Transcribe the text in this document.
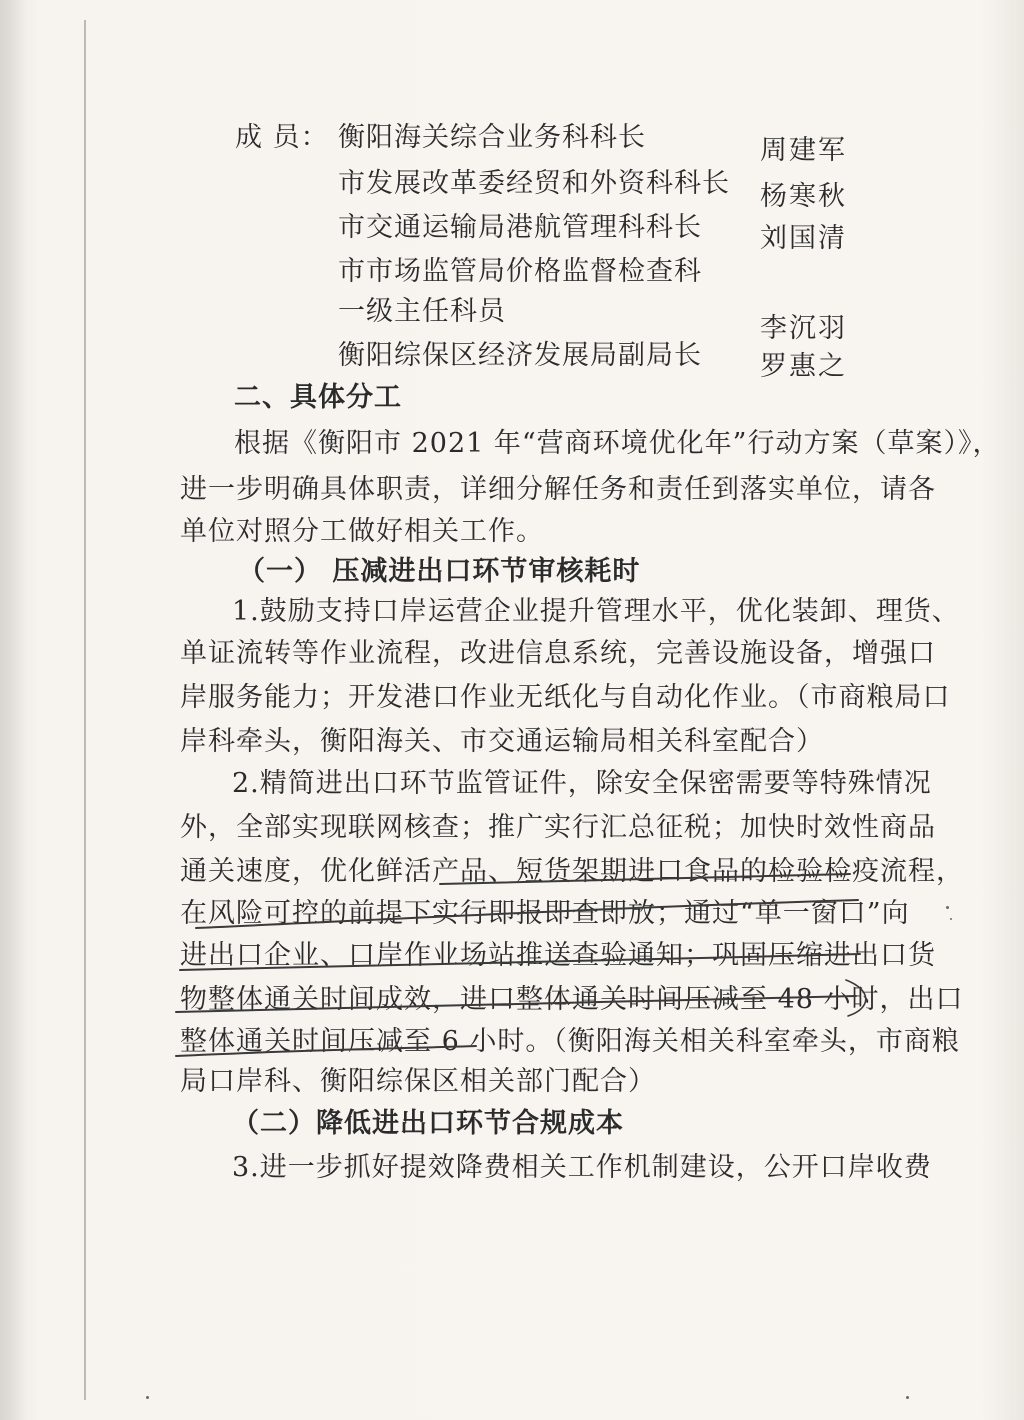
成 员： 衡阳海关综合业务科科长	周建军
市发展改革委经贸和外资科科长 杨寒秋
市交通运输局港航管理科科长 刘国清
市市场监管局价格监督检查科
一级主任科员
李沉羽
衡阳综保区经济发展局副局长 罗惠之
二、具体分工
根据《衡阳市 2021 年“营商环境优化年”行动方案（草案）》，
进一步明确具体职责，详细分解任务和责任到落实单位，请各
单位对照分工做好相关工作。
（一） 压减进出口环节审核耗时
1.鼓励支持口岸运营企业提升管理水平，优化装卸、理货、
单证流转等作业流程，改进信息系统，完善设施设备，增强口
岸服务能力；开发港口作业无纸化与自动化作业。（市商粮局口
岸科牵头，衡阳海关、市交通运输局相关科室配合）
2.精简进出口环节监管证件，除安全保密需要等特殊情况
外，全部实现联网核查；推广实行汇总征税；加快时效性商品
通关速度，优化鲜活产品、短货架期进口食品的检验检疫流程，
在风险可控的前提下实行即报即查即放；通过“单一窗口”向
进出口企业、口岸作业场站推送查验通知；巩固压缩进出口货
物整体通关时间成效，进口整体通关时间压减至 48 小时，出口
整体通关时间压减至 6 小时。（衡阳海关相关科室牵头，市商粮
局口岸科、衡阳综保区相关部门配合）
（二）降低进出口环节合规成本
3.进一步抓好提效降费相关工作机制建设，公开口岸收费
